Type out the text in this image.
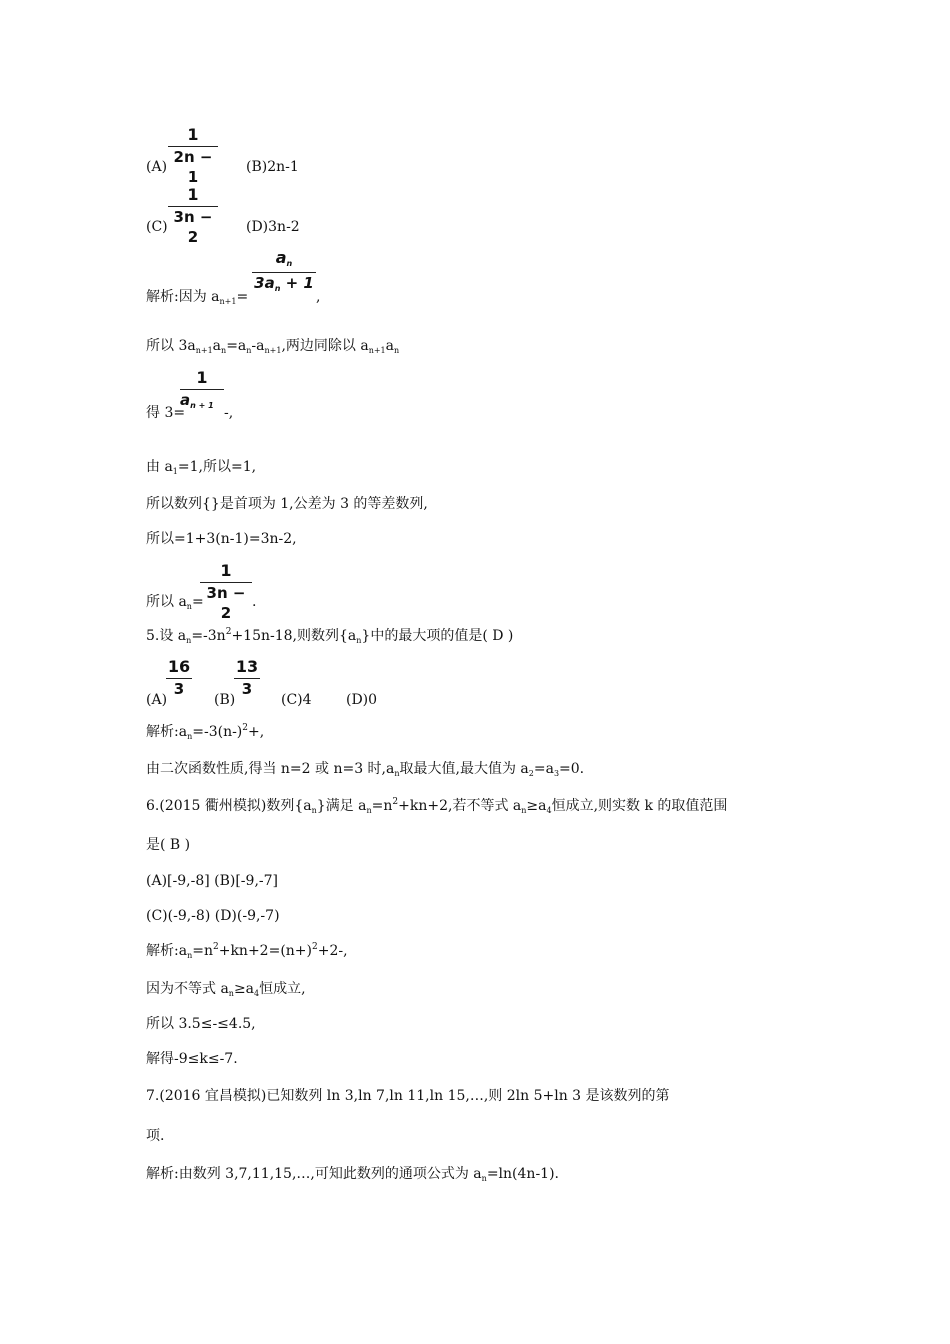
(A)
1
2n − 1
(B)2n-1
(C)
1
3n − 2
(D)3n-2
解析:因为 $a_{n+1}=$
an
$3a_n + 1$
,
所以 $3a_{n+1}a_n=a_n-a_{n+1}$,两边同除以 $a_{n+1}a_n$
得 3=
1
$a_{n + 1}$ -,
由 $a_1=1$,所以=1,
所以数列{}是首项为 1,公差为 3 的等差数列,
所以=1+3(n-1)=3n-2,
所以 $a_n=$
1
3n − 2
.
5.设 $a_n=-3n^2+15n-18$,则数列$\{a_n\}$中的最大项的值是( D )
(A)
16
3
(B)
13
3
(C)4 (D)0
解析$:a_n=-3(n-)^2+$,
由二次函数性质,得当 n=2 或 n=3 时$,a_n$取最大值,最大值为 $a_2=a_3=0$.
6.(2015 衢州模拟)数列$\{a_n\}$满足 $a_n=n^2+kn+2$,若不等式 $a_n\ge a_4$恒成立,则实数 k 的取值范围
是( B )
(A)[-9,-8] (B)[-9,-7]
(C)(-9,-8) (D)(-9,-7)
解析$:a_n=n^2+kn+2=(n+)^2+2-$,
因为不等式 $a_n\ge a_4$恒成立,
所以 3.5≤-≤4.5,
解得-9≤k≤-7.
7.(2016 宜昌模拟)已知数列 ln 3,ln 7,ln 11,ln 15,…,则 2ln 5+ln 3 是该数列的第
项.
解析:由数列 3,7,11,15,…,可知此数列的通项公式为 $a_n=\ln(4n-1)$.
